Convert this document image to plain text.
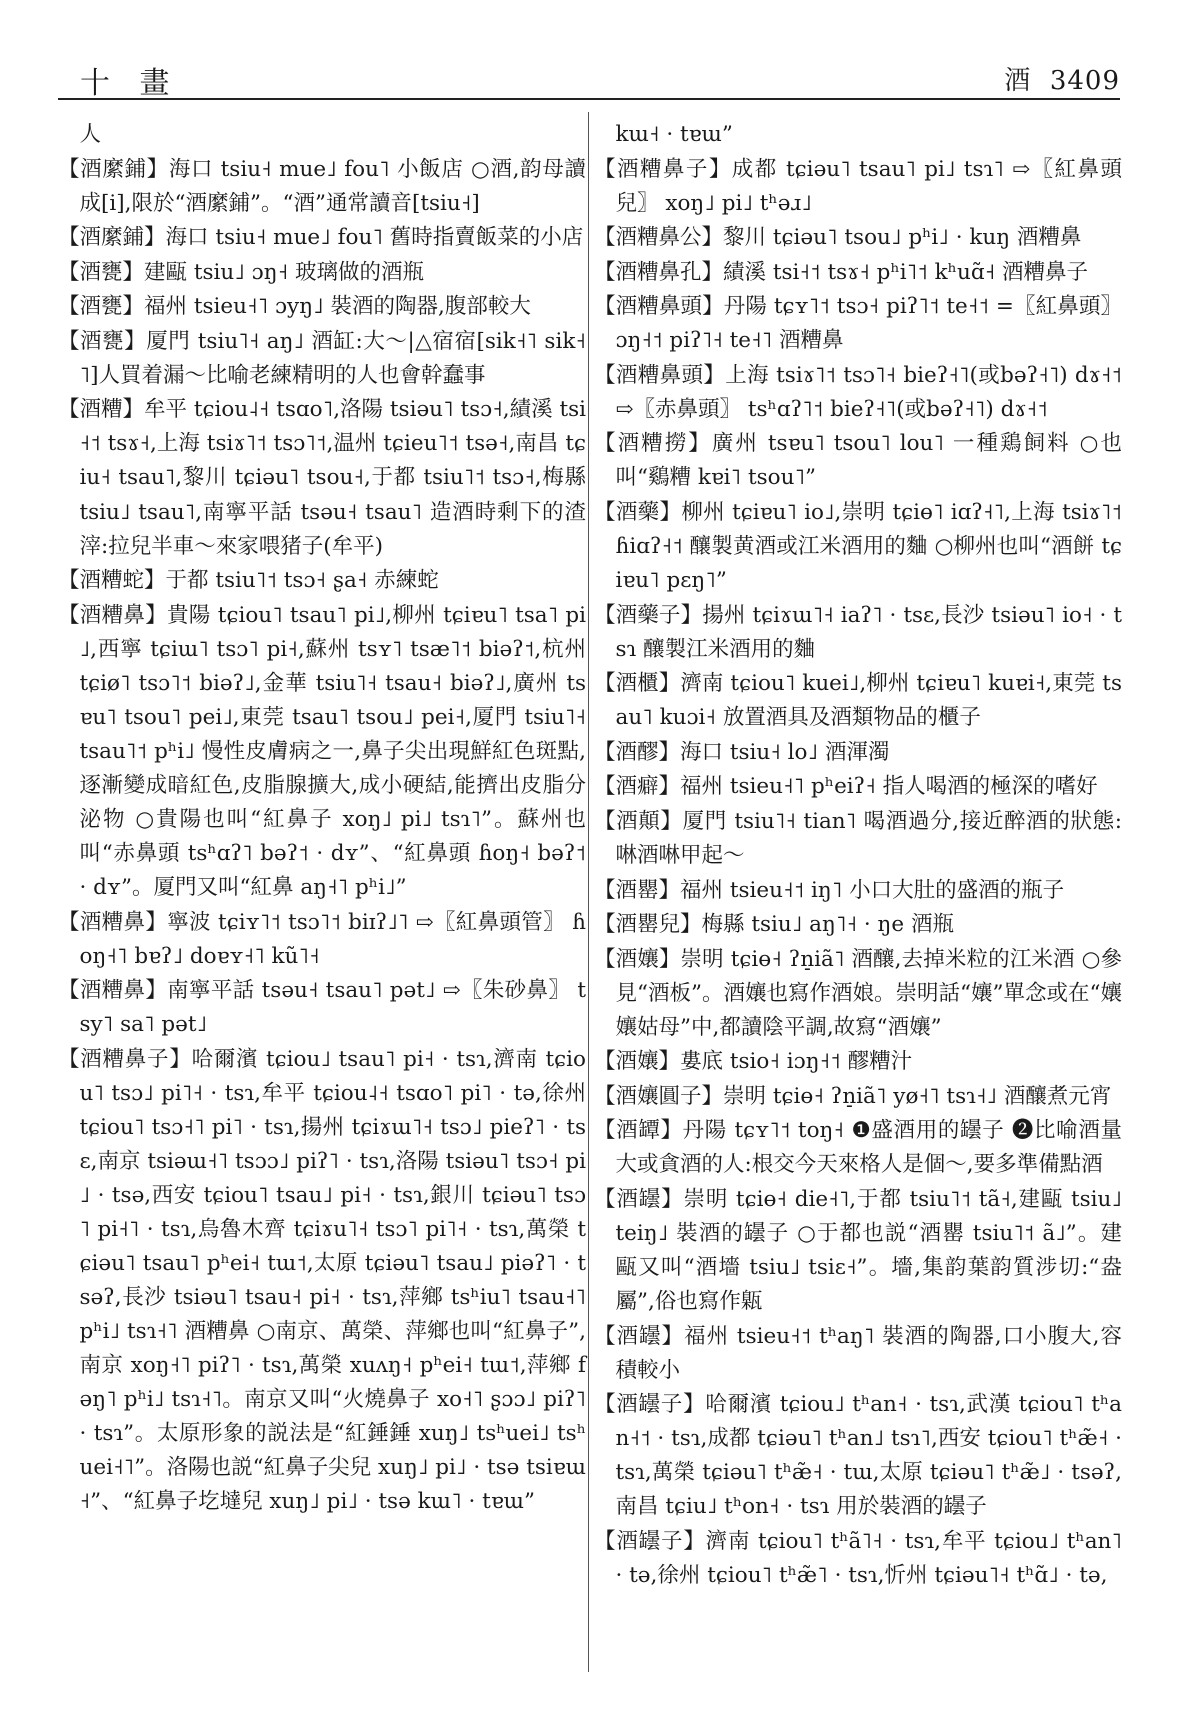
十 畫	酒 3409

人

【酒縻鋪】海口 tsiu˧ mue˩ fou˥ 小飯店 ○酒,韵母讀成[i],限於“酒縻鋪”。“酒”通常讀音[tsiu˧]

【酒縻鋪】海口 tsiu˧ mue˩ fou˥ 舊時指賣飯菜的小店

【酒甕】建甌 tsiu˩ ɔŋ˧ 玻璃做的酒瓶

【酒甕】福州 tsieu˧˥ ɔyŋ˩ 裝酒的陶器,腹部較大

【酒甕】厦門 tsiu˥˧ aŋ˩ 酒缸:大～|△宿宿[sik˧˥ sik˧˥]人買着漏～比喻老練精明的人也會幹蠢事

【酒糟】牟平 tɕiou˨˧ tsɑo˥,洛陽 tsiəu˥ tsɔ˧,績溪 tsi˧˦ tsɤ˧,上海 tsiɤ˥˦ tsɔ˥˦,温州 tɕieu˥˦ tsə˧,南昌 tɕiu˧ tsau˥,黎川 tɕiəu˥ tsou˧,于都 tsiu˥˦ tsɔ˧,梅縣 tsiu˩ tsau˥,南寧平話 tsəu˧ tsau˥ 造酒時剩下的渣滓:拉兒半車～來家喂猪子(牟平)

【酒糟蛇】于都 tsiu˥˦ tsɔ˧ ʂa˧ 赤練蛇

【酒糟鼻】貴陽 tɕiou˥ tsau˥ pi˩,柳州 tɕiɐu˥ tsa˥ pi˩,西寧 tɕiɯ˥ tsɔ˥ pi˧,蘇州 tsʏ˥ tsæ˥˦ biəʔ˦,杭州 tɕiø˥ tsɔ˥˦ biəʔ˩,金華 tsiu˥˧ tsau˧ biəʔ˩,廣州 tsɐu˥ tsou˥ pei˩,東莞 tsau˥ tsou˩ pei˧,厦門 tsiu˥˧ tsau˥˦ pʰi˩ 慢性皮膚病之一,鼻子尖出現鮮紅色斑點,逐漸變成暗紅色,皮脂腺擴大,成小硬結,能擠出皮脂分泌物 ○貴陽也叫“紅鼻子 xoŋ˩ pi˩ tsɿ˥”。蘇州也叫“赤鼻頭 tsʰɑʔ˥ bəʔ˦ · dʏ”、“紅鼻頭 ɦoŋ˧ bəʔ˦ · dʏ”。厦門又叫“紅鼻 aŋ˧˥ pʰi˩”

【酒糟鼻】寧波 tɕiʏ˥˦ tsɔ˥˦ biɪʔ˩˥ ⇨〖紅鼻頭管〗 ɦoŋ˧˥ bɐʔ˩ doɐʏ˧˥ kũ˥˧

【酒糟鼻】南寧平話 tsəu˧ tsau˥ pət˩ ⇨〖朱砂鼻〗 tsy˥ sa˥ pət˩

【酒糟鼻子】哈爾濱 tɕiou˩ tsau˥ pi˧ · tsɿ,濟南 tɕiou˥ tsɔ˩ pi˥˧ · tsɿ,牟平 tɕiou˨˧ tsɑo˥ pi˥ · tə,徐州 tɕiou˥ tsɔ˧˥ pi˥ · tsɿ,揚州 tɕiɤɯ˥˧ tsɔ˩ pieʔ˥ · tsɛ,南京 tsiəɯ˧˥ tsɔɔ˩ piʔ˥ · tsɿ,洛陽 tsiəu˥ tsɔ˧ pi˩ · tsə,西安 tɕiou˥ tsau˩ pi˧ · tsɿ,銀川 tɕiəu˥ tsɔ˥ pi˧˥ · tsɿ,烏魯木齊 tɕiɤu˥˧ tsɔ˥ pi˥˧ · tsɿ,萬榮 tɕiəu˥ tsau˥ pʰei˧ tɯ˦,太原 tɕiəu˥ tsau˩ piəʔ˥ · tsəʔ,長沙 tsiəu˥ tsau˧ pi˧ · tsɿ,萍鄉 tsʰiu˥ tsau˧˥ pʰi˩ tsɿ˧˥ 酒糟鼻 ○南京、萬榮、萍鄉也叫“紅鼻子”,南京 xoŋ˧˥ piʔ˥ · tsɿ,萬榮 xuʌŋ˧ pʰei˧ tɯ˦,萍鄉 fəŋ˥ pʰi˩ tsɿ˧˥。南京又叫“火燒鼻子 xo˧˥ ʂɔɔ˩ piʔ˥ · tsɿ”。太原形象的説法是“紅錘錘 xuŋ˩ tsʰuei˩ tsʰuei˧˥”。洛陽也説“紅鼻子尖兒 xuŋ˩ pi˩ · tsə tsiɐɯ˧”、“紅鼻子圪墶兒 xuŋ˩ pi˩ · tsə kɯ˥ · tɐɯ”

kɯ˧ · tɐɯ”

【酒糟鼻子】成都 tɕiəu˥ tsau˥ pi˩ tsɿ˥ ⇨〖紅鼻頭兒〗 xoŋ˩ pi˩ tʰəɹ˩

【酒糟鼻公】黎川 tɕiəu˥ tsou˩ pʰi˩ · kuŋ 酒糟鼻

【酒糟鼻孔】績溪 tsi˧˦ tsɤ˧ pʰi˥˦ kʰuɑ̃˧ 酒糟鼻子

【酒糟鼻頭】丹陽 tɕʏ˥˦ tsɔ˧ piʔ˥˦ te˧˦ =〖紅鼻頭〗 ɔŋ˧˦ piʔ˥˧ te˧˥ 酒糟鼻

【酒糟鼻頭】上海 tsiɤ˥˦ tsɔ˥˧ bieʔ˧˥(或bəʔ˧˥) dɤ˧˦ ⇨〖赤鼻頭〗 tsʰɑʔ˥˦ bieʔ˧˥(或bəʔ˧˥) dɤ˧˦

【酒糟撈】廣州 tsɐu˥ tsou˥ lou˥ 一種鶏飼料 ○也叫“鷄糟 kɐi˥ tsou˥”

【酒藥】柳州 tɕiɐu˥ io˩,崇明 tɕiɵ˥ iɑʔ˧˥,上海 tsiɤ˥˦ ɦiɑʔ˧˦ 釀製黄酒或江米酒用的麯 ○柳州也叫“酒餅 tɕiɐu˥ pɛŋ˥”

【酒藥子】揚州 tɕiɤɯ˥˧ iaʔ˥ · tsɛ,長沙 tsiəu˥ io˧ · tsɿ 釀製江米酒用的麯

【酒櫃】濟南 tɕiou˥ kuei˩,柳州 tɕiɐu˥ kuɐi˧,東莞 tsau˥ kuɔi˧ 放置酒具及酒類物品的櫃子

【酒醪】海口 tsiu˧ lo˩ 酒渾濁

【酒癖】福州 tsieu˧˥ pʰeiʔ˧ 指人喝酒的極深的嗜好

【酒顛】厦門 tsiu˥˧ tian˥ 喝酒過分,接近醉酒的狀態:啉酒啉甲起～

【酒罌】福州 tsieu˧˦ iŋ˥ 小口大肚的盛酒的瓶子

【酒罌兒】梅縣 tsiu˩ aŋ˥˧ · ŋe 酒瓶

【酒孃】崇明 tɕiɵ˧ ʔn̠iã˥ 酒釀,去掉米粒的江米酒 ○參見“酒板”。酒孃也寫作酒娘。崇明話“孃”單念或在“孃孃姑母”中,都讀陰平調,故寫“酒孃”

【酒孃】婁底 tsio˧ iɔŋ˧˦ 醪糟汁

【酒孃圓子】崇明 tɕiɵ˧ ʔn̠iã˥ yø˧˥ tsɿ˧˩ 酒釀煮元宵

【酒罈】丹陽 tɕʏ˥˦ toŋ˧ ❶盛酒用的罎子 ❷比喻酒量大或貪酒的人:根交今天來格人是個～,要多準備點酒

【酒罎】崇明 tɕiɵ˧ die˧˥,于都 tsiu˥˦ tã˧,建甌 tsiu˩ teiŋ˩ 裝酒的罎子 ○于都也説“酒罌 tsiu˥˦ ã˩”。建甌又叫“酒墻 tsiu˩ tsiɛ˧”。墻,集韵葉韵質涉切:“盎屬”,俗也寫作甈

【酒罎】福州 tsieu˧˦ tʰaŋ˥ 裝酒的陶器,口小腹大,容積較小

【酒罎子】哈爾濱 tɕiou˩ tʰan˧ · tsɿ,武漢 tɕiou˥ tʰan˧˦ · tsɿ,成都 tɕiəu˥ tʰan˩ tsɿ˥,西安 tɕiou˥ tʰæ̃˧ · tsɿ,萬榮 tɕiəu˥ tʰæ̃˧ · tɯ,太原 tɕiəu˥ tʰæ̃˩ · tsəʔ,南昌 tɕiu˩ tʰon˧ · tsɿ 用於裝酒的罎子

【酒罎子】濟南 tɕiou˥ tʰã˥˧ · tsɿ,牟平 tɕiou˩ tʰan˥ · tə,徐州 tɕiou˥ tʰæ̃˥ · tsɿ,忻州 tɕiəu˥˧ tʰɑ̃˩ · tə,
